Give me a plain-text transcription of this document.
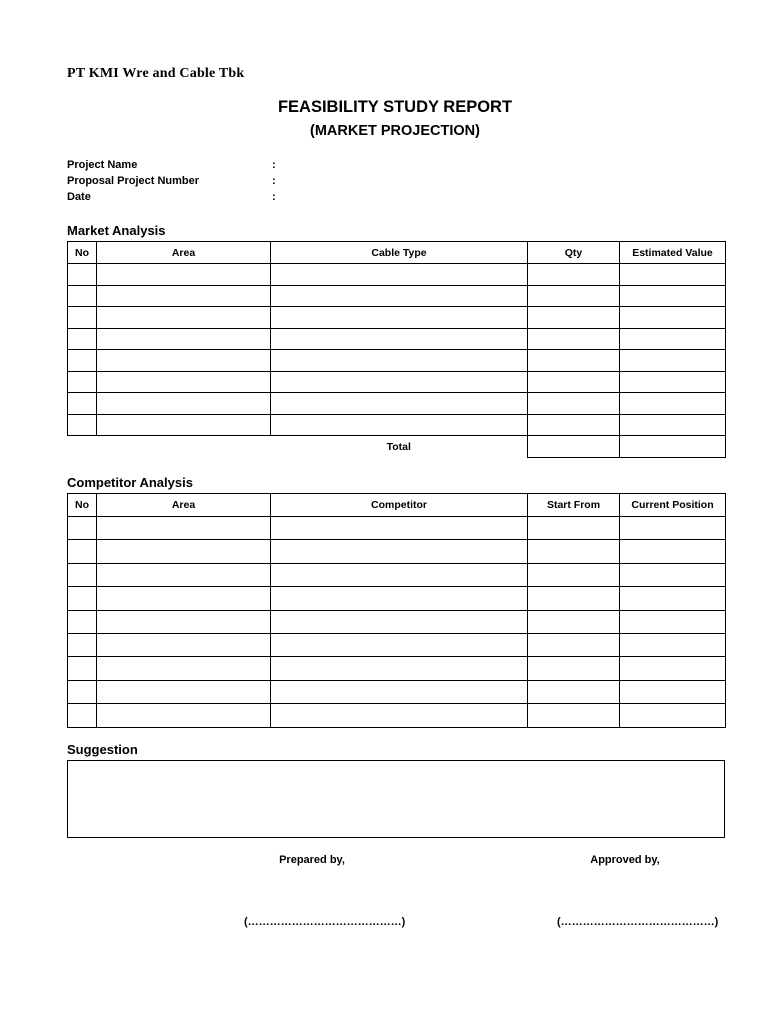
PT KMI Wre and Cable Tbk
FEASIBILITY STUDY REPORT
(MARKET PROJECTION)
Project Name	:
Proposal Project Number	:
Date	:
Market Analysis
No	Area	Cable Type	Qty	Estimated Value

		Total		
Competitor Analysis
No	Area	Competitor	Start From	Current Position

Suggestion
Prepared by,	Approved by,
(……………………………………)	(……………………………………)
